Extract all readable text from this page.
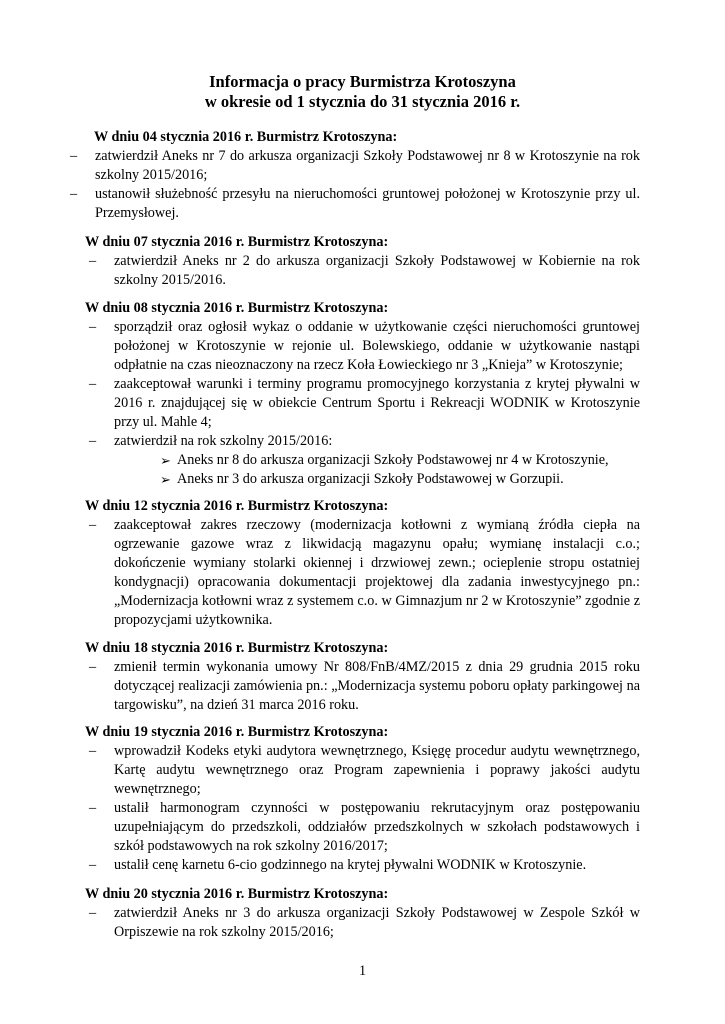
Informacja o pracy Burmistrza Krotoszyna
w okresie od 1 stycznia do 31 stycznia 2016 r.

W dniu 04 stycznia 2016 r. Burmistrz Krotoszyna:

– zatwierdził Aneks nr 7 do arkusza organizacji Szkoły Podstawowej nr 8 w Krotoszynie na rok szkolny 2015/2016;
– ustanowił służebność przesyłu na nieruchomości gruntowej położonej w Krotoszynie przy ul. Przemysłowej.

W dniu 07 stycznia 2016 r. Burmistrz Krotoszyna:

– zatwierdził Aneks nr 2 do arkusza organizacji Szkoły Podstawowej w Kobiernie na rok szkolny 2015/2016.

W dniu 08 stycznia 2016 r. Burmistrz Krotoszyna:

– sporządził oraz ogłosił wykaz o oddanie w użytkowanie części nieruchomości gruntowej położonej w Krotoszynie w rejonie ul. Bolewskiego, oddanie w użytkowanie nastąpi odpłatnie na czas nieoznaczony na rzecz Koła Łowieckiego nr 3 „Knieja” w Krotoszynie;
– zaakceptował warunki i terminy programu promocyjnego korzystania z krytej pływalni w 2016 r. znajdującej się w obiekcie Centrum Sportu i Rekreacji WODNIK w Krotoszynie przy ul. Mahle 4;
– zatwierdził na rok szkolny 2015/2016:
➢ Aneks nr 8 do arkusza organizacji Szkoły Podstawowej nr 4 w Krotoszynie,
➢ Aneks nr 3 do arkusza organizacji Szkoły Podstawowej w Gorzupii.

W dniu 12 stycznia 2016 r. Burmistrz Krotoszyna:

– zaakceptował zakres rzeczowy (modernizacja kotłowni z wymianą źródła ciepła na ogrzewanie gazowe wraz z likwidacją magazynu opału; wymianę instalacji c.o.; dokończenie wymiany stolarki okiennej i drzwiowej zewn.; ocieplenie stropu ostatniej kondygnacji) opracowania dokumentacji projektowej dla zadania inwestycyjnego pn.: „Modernizacja kotłowni wraz z systemem c.o. w Gimnazjum nr 2 w Krotoszynie” zgodnie z propozycjami użytkownika.

W dniu 18 stycznia 2016 r. Burmistrz Krotoszyna:

– zmienił termin wykonania umowy Nr 808/FnB/4MZ/2015 z dnia 29 grudnia 2015 roku dotyczącej realizacji zamówienia pn.: „Modernizacja systemu poboru opłaty parkingowej na targowisku”, na dzień 31 marca 2016 roku.

W dniu 19 stycznia 2016 r. Burmistrz Krotoszyna:

– wprowadził Kodeks etyki audytora wewnętrznego, Księgę procedur audytu wewnętrznego, Kartę audytu wewnętrznego oraz Program zapewnienia i poprawy jakości audytu wewnętrznego;
– ustalił harmonogram czynności w postępowaniu rekrutacyjnym oraz postępowaniu uzupełniającym do przedszkoli, oddziałów przedszkolnych w szkołach podstawowych i szkół podstawowych na rok szkolny 2016/2017;
– ustalił cenę karnetu 6-cio godzinnego na krytej pływalni WODNIK w Krotoszynie.

W dniu 20 stycznia 2016 r. Burmistrz Krotoszyna:

– zatwierdził Aneks nr 3 do arkusza organizacji Szkoły Podstawowej w Zespole Szkół w Orpiszewie na rok szkolny 2015/2016;
1
